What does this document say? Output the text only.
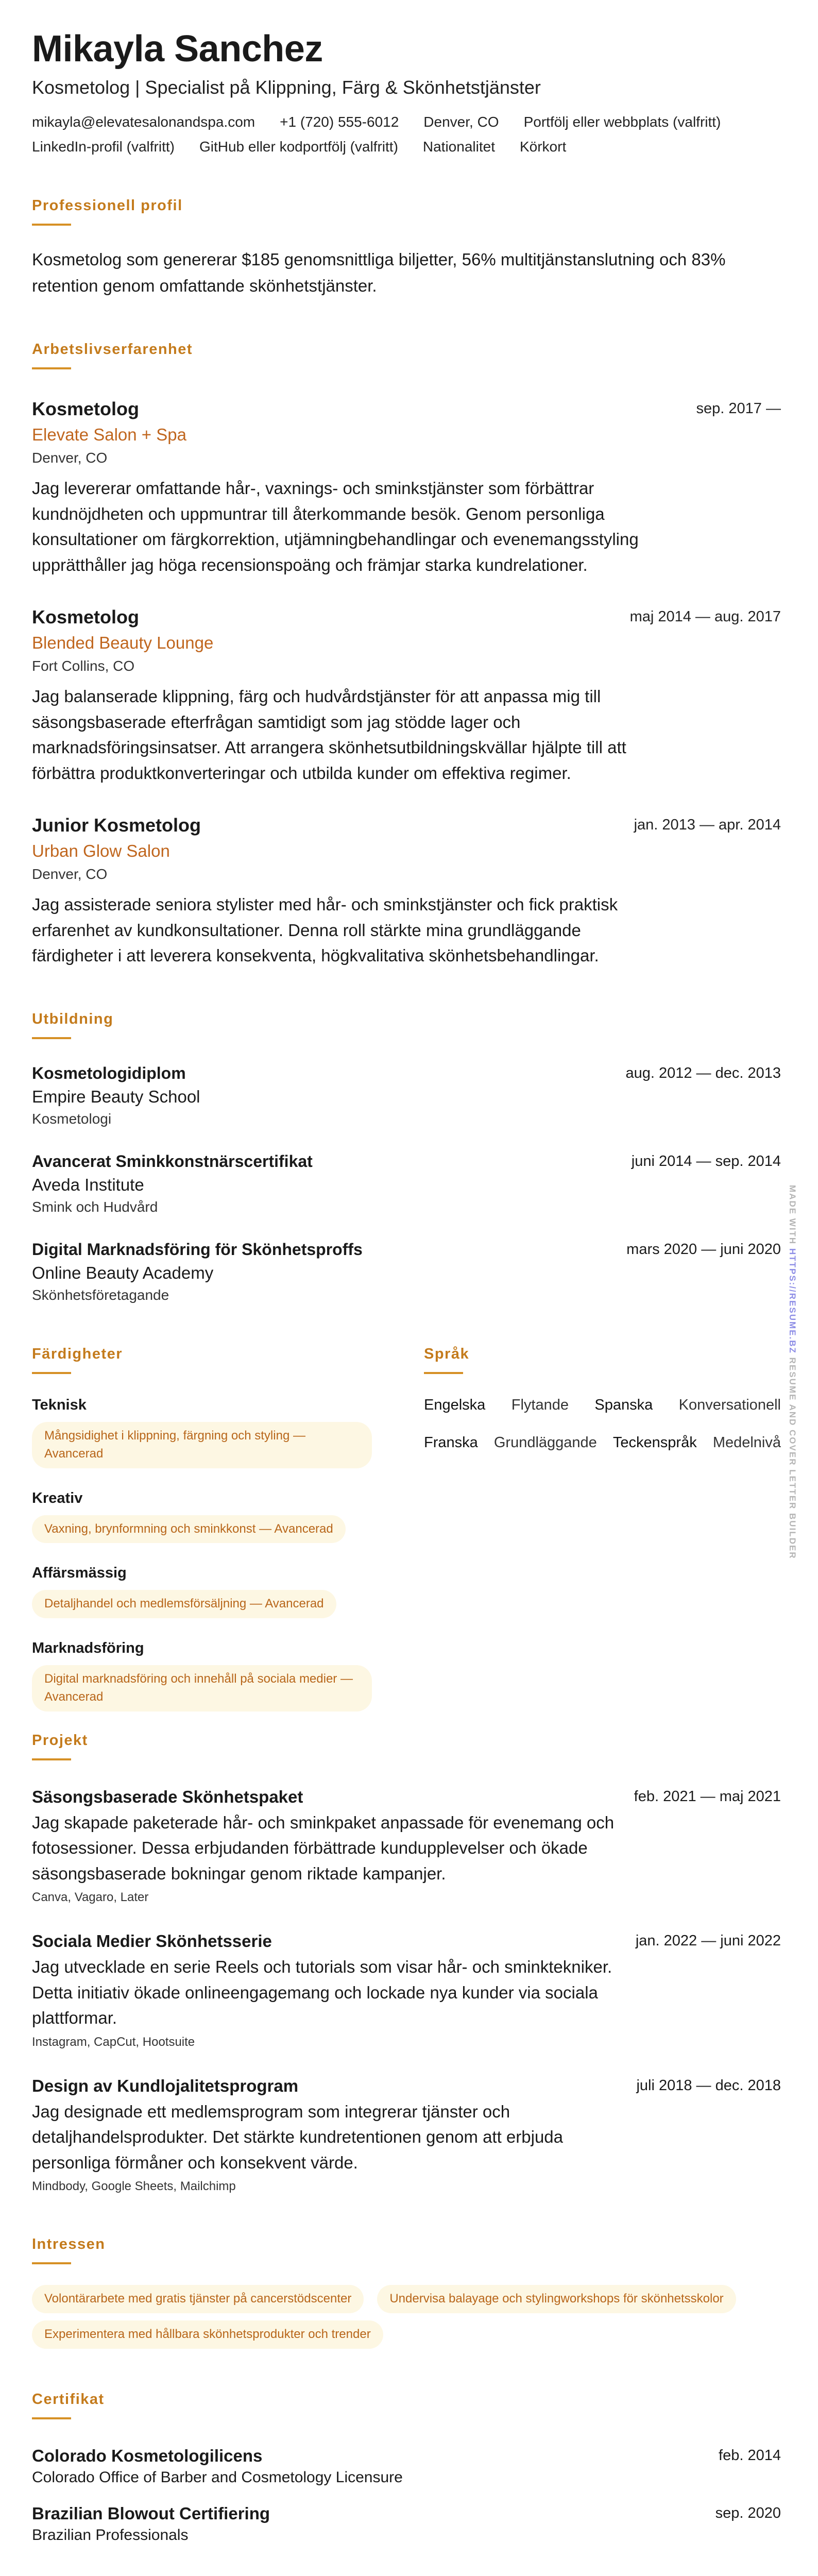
Mikayla Sanchez
Kosmetolog | Specialist på Klippning, Färg & Skönhetstjänster
mikayla@elevatesalonandspa.com +1 (720) 555-6012 Denver, CO Portfölj eller webbplats (valfritt)
LinkedIn-profil (valfritt) GitHub eller kodportfölj (valfritt) Nationalitet Körkort
Professionell profil
Kosmetolog som genererar $185 genomsnittliga biljetter, 56% multitjänstanslutning och 83% retention genom omfattande skönhetstjänster.
Arbetslivserfarenhet
Kosmetolog	sep. 2017 —
Elevate Salon + Spa
Denver, CO
Jag levererar omfattande hår-, vaxnings- och sminkstjänster som förbättrar kundnöjdheten och uppmuntrar till återkommande besök. Genom personliga konsultationer om färgkorrektion, utjämningbehandlingar och evenemangsstyling upprätthåller jag höga recensionspoäng och främjar starka kundrelationer.
Kosmetolog	maj 2014 — aug. 2017
Blended Beauty Lounge
Fort Collins, CO
Jag balanserade klippning, färg och hudvårdstjänster för att anpassa mig till säsongsbaserade efterfrågan samtidigt som jag stödde lager och marknadsföringsinsatser. Att arrangera skönhetsutbildningskvällar hjälpte till att förbättra produktkonverteringar och utbilda kunder om effektiva regimer.
Junior Kosmetolog	jan. 2013 — apr. 2014
Urban Glow Salon
Denver, CO
Jag assisterade seniora stylister med hår- och sminkstjänster och fick praktisk erfarenhet av kundkonsultationer. Denna roll stärkte mina grundläggande färdigheter i att leverera konsekventa, högkvalitativa skönhetsbehandlingar.
Utbildning
Kosmetologidiplom	aug. 2012 — dec. 2013
Empire Beauty School
Kosmetologi
Avancerat Sminkkonstnärscertifikat	juni 2014 — sep. 2014
Aveda Institute
Smink och Hudvård
Digital Marknadsföring för Skönhetsproffs	mars 2020 — juni 2020
Online Beauty Academy
Skönhetsföretagande
Färdigheter
Teknisk
Mångsidighet i klippning, färgning och styling — Avancerad
Kreativ
Vaxning, brynformning och sminkkonst — Avancerad
Affärsmässig
Detaljhandel och medlemsförsäljning — Avancerad
Marknadsföring
Digital marknadsföring och innehåll på sociala medier — Avancerad
Språk
Engelska Flytande Spanska Konversationell
Franska Grundläggande Teckenspråk Medelnivå
Projekt
Säsongsbaserade Skönhetspaket	feb. 2021 — maj 2021
Jag skapade paketerade hår- och sminkpaket anpassade för evenemang och fotosessioner. Dessa erbjudanden förbättrade kundupplevelser och ökade säsongsbaserade bokningar genom riktade kampanjer.
Canva, Vagaro, Later
Sociala Medier Skönhetsserie	jan. 2022 — juni 2022
Jag utvecklade en serie Reels och tutorials som visar hår- och sminktekniker. Detta initiativ ökade onlineengagemang och lockade nya kunder via sociala plattformar.
Instagram, CapCut, Hootsuite
Design av Kundlojalitetsprogram	juli 2018 — dec. 2018
Jag designade ett medlemsprogram som integrerar tjänster och detaljhandelsprodukter. Det stärkte kundretentionen genom att erbjuda personliga förmåner och konsekvent värde.
Mindbody, Google Sheets, Mailchimp
Intressen
Volontärarbete med gratis tjänster på cancerstödscenter	Undervisa balayage och stylingworkshops för skönhetsskolor
Experimentera med hållbara skönhetsprodukter och trender
Certifikat
Colorado Kosmetologilicens	feb. 2014
Colorado Office of Barber and Cosmetology Licensure
Brazilian Blowout Certifiering	sep. 2020
Brazilian Professionals
MADE WITH HTTPS://RESUME.BZ RESUME AND COVER LETTER BUILDER
